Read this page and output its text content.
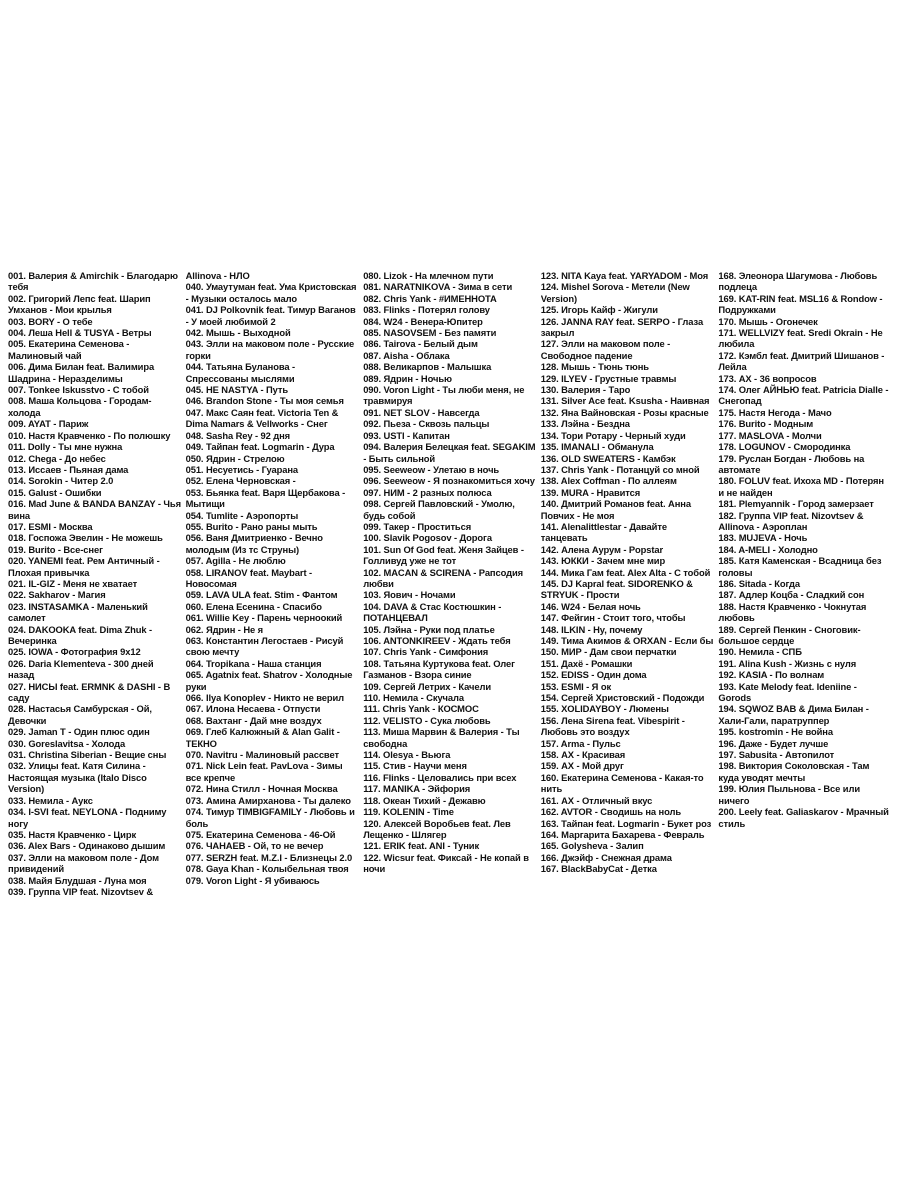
001. Валерия & Amirchik - Благодарю тебя

002. Григорий Лепс feat. Шарип Умханов - Мои крылья

003. BORY - О тебе

004. Леша Hell & TUSYA - Ветры

005. Екатерина Семенова - Малиновый чай

006. Дима Билан feat. Валимира Шадрина - Неразделимы

007. Tonkee Iskusstvo - С тобой

008. Маша Кольцова - Городам-холода

009. AYAT - Париж

010. Настя Кравченко - По полюшку

011. Dolly - Ты мне нужна

012. Chega - До небес

013. Иссаев - Пьяная дама

014. Sorokin - Читер 2.0

015. Galust - Ошибки

016. Mad June & BANDA BANZAY - Чья вина

017. ESMI - Москва

018. Госпожа Эвелин - Не можешь

019. Burito - Все-снег

020. YANEMI feat. Рем Античный - Плохая привычка

021. IL-GIZ - Меня не хватает

022. Sakharov - Магия

023. INSTASAMKA - Маленький самолет

024. DAKOOKA feat. Dima Zhuk - Вечеринка

025. IOWA - Фотография 9x12

026. Daria Klementeva - 300 дней назад

027. НИСЫ feat. ERMNK & DASHI - В саду

028. Настасья Самбурская - Ой, Девочки

029. Jaman T - Один плюс один

030. Goreslavitsa - Холода

031. Christina Siberian - Вещие сны

032. Улицы feat. Катя Силина - Настоящая музыка (Italo Disco Version)

033. Немила - Аукс

034. I-SVI feat. NEYLONA - Подниму ногу

035. Настя Кравченко - Цирк

036. Alex Bars - Одинаково дышим

037. Элли на маковом поле - Дом привидений

038. Майя Блудшая - Луна моя

039. Группа VIP feat. Nizovtsev &

Allinova - НЛО

040. Умаутуман feat. Ума Кристовская - Музыки осталось мало

041. DJ Polkovnik feat. Тимур Ваганов - У моей любимой 2

042. Мышь - Выходной

043. Элли на маковом поле - Русские горки

044. Татьяна Буланова - Спрессованы мыслями

045. НЕ NASTYA - Путь

046. Brandon Stone - Ты моя семья

047. Макс Саян feat. Victoria Ten & Dima Namars & Vellworks - Снег

048. Sasha Rey - 92 дня

049. Тайпан feat. Logmarin - Дура

050. Ядрин - Стрелою

051. Несуетись - Гуарана

052. Елена Черновская -

053. Бьянка feat. Варя Щербакова - Мытищи

054. Tumlite - Аэропорты

055. Burito - Рано раны мыть

056. Ваня Дмитриенко - Вечно молодым (Из тс Струны)

057. Agilla - Не люблю

058. LIRANOV feat. Maybart - Новосомая

059. LAVA ULA feat. Stim - Фантом

060. Елена Есенина - Спасибо

061. Willie Key - Парень черноокий

062. Ядрин - Не я

063. Константин Легостаев - Рисуй свою мечту

064. Tropikana - Наша станция

065. Agatnix feat. Shatrov - Холодные руки

066. Ilya Konoplev - Никто не верил

067. Илона Несаева - Отпусти

068. Вахтанг - Дай мне воздух

069. Глеб Калюжный & Alan Galit - ТЕКНО

070. Navitru - Малиновый рассвет

071. Nick Lein feat. PavLova - Зимы все крепче

072. Нина Стилл - Ночная Москва

073. Амина Амирханова - Ты далеко

074. Тимур TIMBIGFAMILY - Любовь и боль

075. Екатерина Семенова - 46-Ой

076. ЧАНАЕВ - Ой, то не вечер

077. SERZH feat. M.Z.I - Близнецы 2.0

078. Gaya Khan - Колыбельная твоя

079. Voron Light - Я убиваюсь

080. Lizok - На млечном пути

081. NARATNIKOVA - Зима в сети

082. Chris Yank - #ИМЕННОТА

083. Flinks - Потерял голову

084. W24 - Венера-Юпитер

085. NASOVSEM - Без памяти

086. Tairova - Белый дым

087. Aisha - Облака

088. Великарпов - Малышка

089. Ядрин - Ночью

090. Voron Light - Ты люби меня, не травмируя

091. NET SLOV - Навсегда

092. Пьеза - Сквозь пальцы

093. USTI - Капитан

094. Валерия Белецкая feat. SEGAKIM - Быть сильной

095. Seeweow - Улетаю в ночь

096. Seeweow - Я познакомиться хочу

097. НИМ - 2 разных полюса

098. Сергей Павловский - Умолю, будь собой

099. Такер - Проститься

100. Slavik Pogosov - Дорога

101. Sun Of God feat. Женя Зайцев - Голливуд уже не тот

102. MACAN & SCIRENA - Рапсодия любви

103. Яович - Ночами

104. DAVA & Стас Костюшкин - ПОТАНЦЕВАЛ

105. Лэйна - Руки под платье

106. ANTONKIREEV - Ждать тебя

107. Chris Yank - Симфония

108. Татьяна Куртукова feat. Олег Газманов - Взора синие

109. Сергей Летрих - Качели

110. Немила - Скучала

111. Chris Yank - КОСМОС

112. VELISTO - Сука любовь

113. Миша Марвин & Валерия - Ты свободна

114. Olesya - Вьюга

115. Стив - Научи меня

116. Flinks - Целовались при всех

117. MANIKA - Эйфория

118. Океан Тихий - Дежавю

119. KOLENIN - Time

120. Алексей Воробьев feat. Лев Лещенко - Шлягер

121. ERIK feat. ANI - Туник

122. Wicsur feat. Фиксай - Не копай в ночи

123. NITA Kaya feat. YARYADOM - Моя

124. Mishel Sorova - Метели (New Version)

125. Игорь Кайф - Жигули

126. JANNA RAY feat. SERPO - Глаза закрыл

127. Элли на маковом поле - Свободное падение

128. Мышь - Тюнь тюнь

129. ILYEV - Грустные травмы

130. Валерия - Таро

131. Silver Ace feat. Ksusha - Наивная

132. Яна Вайновская - Розы красные

133. Лэйна - Бездна

134. Тори Ротару - Черный худи

135. IMANALI - Обманула

136. OLD SWEATERS - Камбэк

137. Chris Yank - Потанцуй со мной

138. Alex Coffman - По аллеям

139. MURA - Нравится

140. Дмитрий Романов feat. Анна Повчих - Не моя

141. Alenalittlestar - Давайте танцевать

142. Алена Аурум - Popstar

143. ЮККИ - Зачем мне мир

144. Мика Гам feat. Alex Alta - С тобой

145. DJ Kapral feat. SIDORENKO & STRYUK - Прости

146. W24 - Белая ночь

147. Фейгин - Стоит того, чтобы

148. ILKIN - Ну, почему

149. Тима Акимов & ORXAN - Если бы

150. МИР - Дам свои перчатки

151. Дахё - Ромашки

152. EDISS - Один дома

153. ESMI - Я ок

154. Сергей Христовский - Подожди

155. XOLIDAYBOY - Люмены

156. Лена Sirena feat. Vibespirit - Любовь это воздух

157. Arma - Пульс

158. АХ - Красивая

159. АХ - Мой друг

160. Екатерина Семенова - Какая-то нить

161. АХ - Отличный вкус

162. AVTOR - Сводишь на ноль

163. Тайпан feat. Logmarin - Букет роз

164. Маргарита Бахарева - Февраль

165. Golysheva - Залип

166. Джэйф - Снежная драма

167. BlackBabyCat - Детка

168. Элеонора Шагумова - Любовь подлеца

169. KAT-RIN feat. MSL16 & Rondow - Подружками

170. Мышь - Огонечек

171. WELLVIZY feat. Sredi Okrain - Не любила

172. Кэмбл feat. Дмитрий Шишанов - Лейла

173. АХ - 36 вопросов

174. Олег АЙНЬЮ feat. Patricia Dialle - Снегопад

175. Настя Негода - Мачо

176. Burito - Модным

177. MASLOVA - Молчи

178. LOGUNOV - Смородинка

179. Руслан Богдан - Любовь на автомате

180. FOLUV feat. Ихоха MD - Потерян и не найден

181. Plemyannik - Город замерзает

182. Группа VIP feat. Nizovtsev & Allinova - Аэроплан

183. MUJEVA - Ночь

184. A-MELI - Холодно

185. Катя Каменская - Всадница без головы

186. Sitada - Когда

187. Адлер Коцба - Сладкий сон

188. Настя Кравченко - Чокнутая любовь

189. Сергей Пенкин - Сноговик-большое сердце

190. Немила - СПБ

191. Alina Kush - Жизнь с нуля

192. KASIA - По волнам

193. Kate Melody feat. Ideniine - Gorods

194. SQWOZ BAB & Дима Билан - Хали-Гали, паратруппер

195. kostromin - Не война

196. Даже - Будет лучше

197. Sabusita - Автопилот

198. Виктория Соколовская - Там куда уводят мечты

199. Юлия Пыльнова - Все или ничего

200. Leely feat. Galiaskarov - Мрачный стиль
